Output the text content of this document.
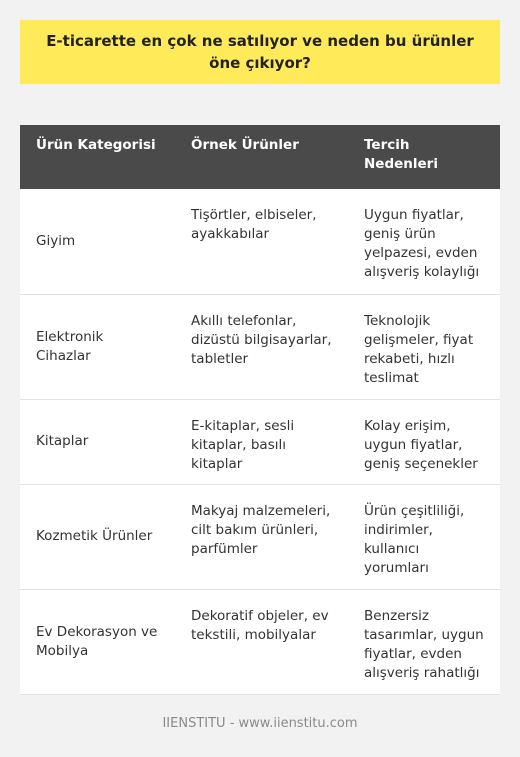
E-ticarette en çok ne satılıyor ve neden bu ürünler öne çıkıyor?
Ürün Kategorisi	Örnek Ürünler	Tercih Nedenleri
Giyim	Tişörtler, elbiseler, ayakkabılar	Uygun fiyatlar, geniş ürün yelpazesi, evden alışveriş kolaylığı
Elektronik Cihazlar	Akıllı telefonlar, dizüstü bilgisayarlar, tabletler	Teknolojik gelişmeler, fiyat rekabeti, hızlı teslimat
Kitaplar	E-kitaplar, sesli kitaplar, basılı kitaplar	Kolay erişim, uygun fiyatlar, geniş seçenekler
Kozmetik Ürünler	Makyaj malzemeleri, cilt bakım ürünleri, parfümler	Ürün çeşitliliği, indirimler, kullanıcı yorumları
Ev Dekorasyon ve Mobilya	Dekoratif objeler, ev tekstili, mobilyalar	Benzersiz tasarımlar, uygun fiyatlar, evden alışveriş rahatlığı
IIENSTITU - www.iienstitu.com
